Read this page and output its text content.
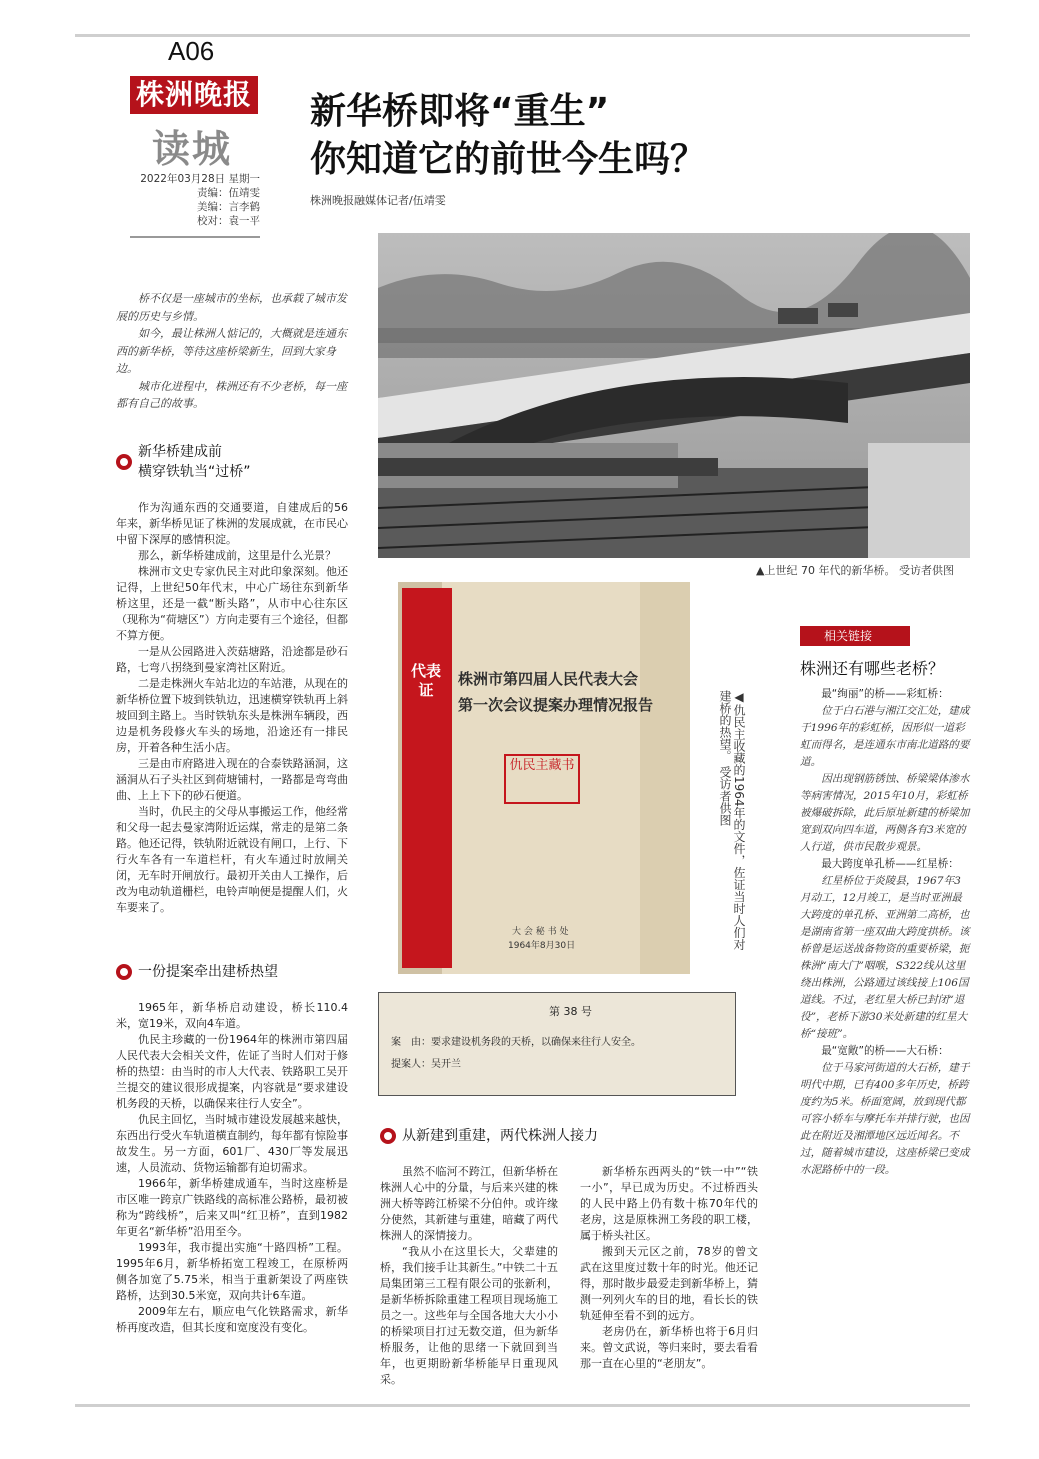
A06
株洲晚报
读城
2022年03月28日 星期一
责编：伍靖雯
美编：言李鹤
校对：袁一平
新华桥即将“重生”
你知道它的前世今生吗？
株洲晚报融媒体记者/伍靖雯
▲上世纪 70 年代的新华桥。 受访者供图

桥不仅是一座城市的坐标，也承载了城市发展的历史与乡情。

如今，最让株洲人惦记的，大概就是连通东西的新华桥，等待这座桥梁新生，回到大家身边。

城市化进程中，株洲还有不少老桥，每一座都有自己的故事。

新华桥建成前
横穿铁轨当“过桥”

作为沟通东西的交通要道，自建成后的56年来，新华桥见证了株洲的发展成就，在市民心中留下深厚的感情积淀。

那么，新华桥建成前，这里是什么光景？

株洲市文史专家仇民主对此印象深刻。他还记得，上世纪50年代末，中心广场往东到新华桥这里，还是一截“断头路”，从市中心往东区（现称为“荷塘区”）方向走要有三个途径，但都不算方便。

一是从公园路进入茨菇塘路，沿途都是砂石路，七弯八拐绕到曼家湾社区附近。

二是走株洲火车站北边的车站港，从现在的新华桥位置下坡到铁轨边，迅速横穿铁轨再上斜坡回到主路上。当时铁轨东头是株洲车辆段，西边是机务段修火车头的场地，沿途还有一排民房，开着各种生活小店。

三是由市府路进入现在的合泰铁路涵洞，这涵洞从石子头社区到荷塘铺村，一路都是弯弯曲曲、上上下下的砂石便道。

当时，仇民主的父母从事搬运工作，他经常和父母一起去曼家湾附近运煤，常走的是第二条路。他还记得，铁轨附近就设有闸口，上行、下行火车各有一车道栏杆，有火车通过时放闸关闭，无车时开闸放行。最初开关由人工操作，后改为电动轨道栅栏，电铃声响便是提醒人们，火车要来了。

一份提案牵出建桥热望

1965年，新华桥启动建设，桥长110.4米，宽19米，双向4车道。

仇民主珍藏的一份1964年的株洲市第四届人民代表大会相关文件，佐证了当时人们对于修桥的热望：由当时的市人大代表、铁路职工吴开兰提交的建议很形成提案，内容就是“要求建设机务段的天桥，以确保来往行人安全”。

仇民主回忆，当时城市建设发展越来越快，东西出行受火车轨道横直制约，每年都有惊险事故发生。另一方面，601厂、430厂等发展迅速，人员流动、货物运输都有迫切需求。

1966年，新华桥建成通车，当时这座桥是市区唯一跨京广铁路线的高标准公路桥，最初被称为“跨线桥”，后来又叫“红卫桥”，直到1982年更名“新华桥”沿用至今。

1993年，我市提出实施“十路四桥”工程。1995年6月，新华桥拓宽工程竣工，在原桥两侧各加宽了5.75米，相当于重新架设了两座铁路桥，达到30.5米宽，双向共计6车道。

2009年左右，顺应电气化铁路需求，新华桥再度改造，但其长度和宽度没有变化。

代表证
株洲市第四届人民代表大会
第一次会议提案办理情况报告
仇民主藏书
大 会 秘 书 处
1964年8月30日	◀仇民主收藏的1964年的文件，佐证当时人们对建桥的热望。 受访者供图
第 38 号
案　由：要求建设机务段的天桥，以确保来往行人安全。
提案人：吴开兰
从新建到重建，两代株洲人接力

虽然不临河不跨江，但新华桥在株洲人心中的分量，与后来兴建的株洲大桥等跨江桥梁不分伯仲。或许缘分使然，其新建与重建，暗藏了两代株洲人的深情接力。

“我从小在这里长大，父辈建的桥，我们接手让其新生。”中铁二十五局集团第三工程有限公司的张新利，是新华桥拆除重建工程项目现场施工员之一。这些年与全国各地大大小小的桥梁项目打过无数交道，但为新华桥服务，让他的思绪一下就回到当年，也更期盼新华桥能早日重现风采。

新华桥东西两头的“铁一中”“铁一小”，早已成为历史。不过桥西头的人民中路上仍有数十栋70年代的老房，这是原株洲工务段的职工楼，属于桥头社区。

搬到天元区之前，78岁的曾文武在这里度过数十年的时光。他还记得，那时散步最爱走到新华桥上，猜测一列列火车的目的地，看长长的铁轨延伸至看不到的远方。

老房仍在，新华桥也将于6月归来。曾文武说，等归来时，要去看看那一直在心里的“老朋友”。

相关链接
株洲还有哪些老桥？

最“绚丽”的桥——彩虹桥：

位于白石港与湘江交汇处，建成于1996年的彩虹桥，因形似一道彩虹而得名，是连通东市南北道路的要道。

因出现钢筋锈蚀、桥梁梁体渗水等病害情况，2015年10月，彩虹桥被爆破拆除，此后原址新建的桥梁加宽到双向四车道，两侧各有3米宽的人行道，供市民散步观景。

最大跨度单孔桥——红星桥：

红星桥位于炎陵县，1967年3月动工，12月竣工，是当时亚洲最大跨度的单孔桥、亚洲第二高桥，也是湖南省第一座双曲大跨度拱桥。该桥曾是运送战备物资的重要桥梁，扼株洲“南大门”咽喉，S322线从这里绕出株洲，公路通过该线接上106国道线。不过，老红星大桥已封闭“退役”，老桥下游30米处新建的红星大桥“接班”。

最“宽敞”的桥——大石桥：

位于马家河街道的大石桥，建于明代中期，已有400多年历史，桥跨度约为5米。桥面宽阔，放到现代都可容小轿车与摩托车并排行驶，也因此在附近及湘潭地区远近闻名。不过，随着城市建设，这座桥梁已变成水泥路桥中的一段。
